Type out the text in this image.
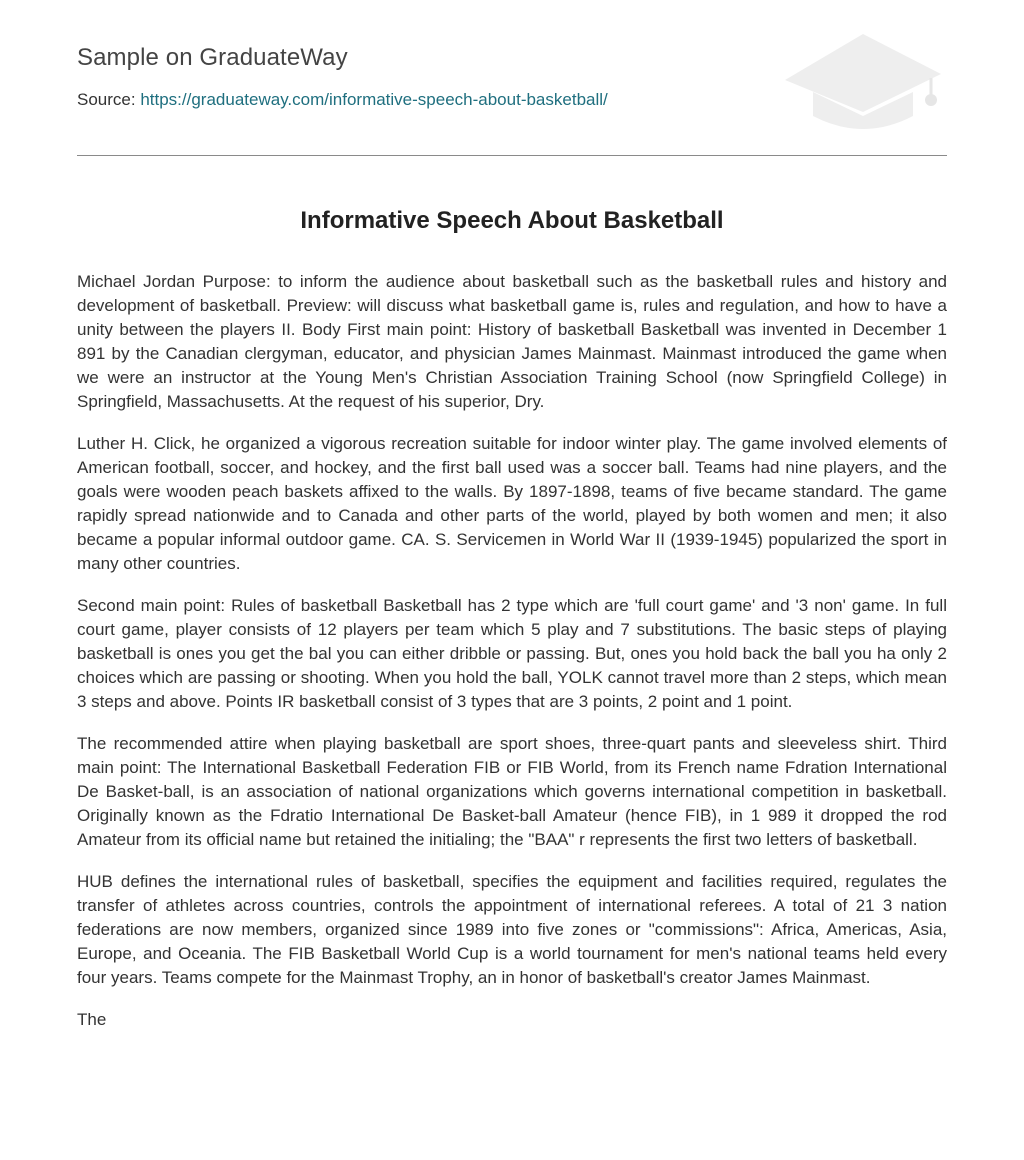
Sample on GraduateWay
Source: https://graduateway.com/informative-speech-about-basketball/
Informative Speech About Basketball

Michael Jordan Purpose: to inform the audience about basketball such as the basketball rules and history and development of basketball. Preview: will discuss what basketball game is, rules and regulation, and how to have a unity between the players II. Body First main point: History of basketball Basketball was invented in December 1 891 by the Canadian clergyman, educator, and physician James Mainmast. Mainmast introduced the game when we were an instructor at the Young Men's Christian Association Training School (now Springfield College) in Springfield, Massachusetts. At the request of his superior, Dry.

Luther H. Click, he organized a vigorous recreation suitable for indoor winter play. The game involved elements of American football, soccer, and hockey, and the first ball used was a soccer ball. Teams had nine players, and the goals were wooden peach baskets affixed to the walls. By 1897-1898, teams of five became standard. The game rapidly spread nationwide and to Canada and other parts of the world, played by both women and men; it also became a popular informal outdoor game. CA. S. Servicemen in World War II (1939-1945) popularized the sport in many other countries.

Second main point: Rules of basketball Basketball has 2 type which are 'full court game' and '3 non' game. In full court game, player consists of 12 players per team which 5 play and 7 substitutions. The basic steps of playing basketball is ones you get the bal you can either dribble or passing. But, ones you hold back the ball you ha only 2 choices which are passing or shooting. When you hold the ball, YOLK cannot travel more than 2 steps, which mean 3 steps and above. Points IR basketball consist of 3 types that are 3 points, 2 point and 1 point.

The recommended attire when playing basketball are sport shoes, three-quart pants and sleeveless shirt. Third main point: The International Basketball Federation FIB or FIB World, from its French name Fdration International De Basket-ball, is an association of national organizations which governs international competition in basketball. Originally known as the Fdratio International De Basket-ball Amateur (hence FIB), in 1 989 it dropped the rod Amateur from its official name but retained the initialing; the "BAA" r represents the first two letters of basketball.

HUB defines the international rules of basketball, specifies the equipment and facilities required, regulates the transfer of athletes across countries, controls the appointment of international referees. A total of 21 3 nation federations are now members, organized since 1989 into five zones or "commissions": Africa, Americas, Asia, Europe, and Oceania. The FIB Basketball World Cup is a world tournament for men's national teams held every four years. Teams compete for the Mainmast Trophy, an in honor of basketball's creator James Mainmast.

The
